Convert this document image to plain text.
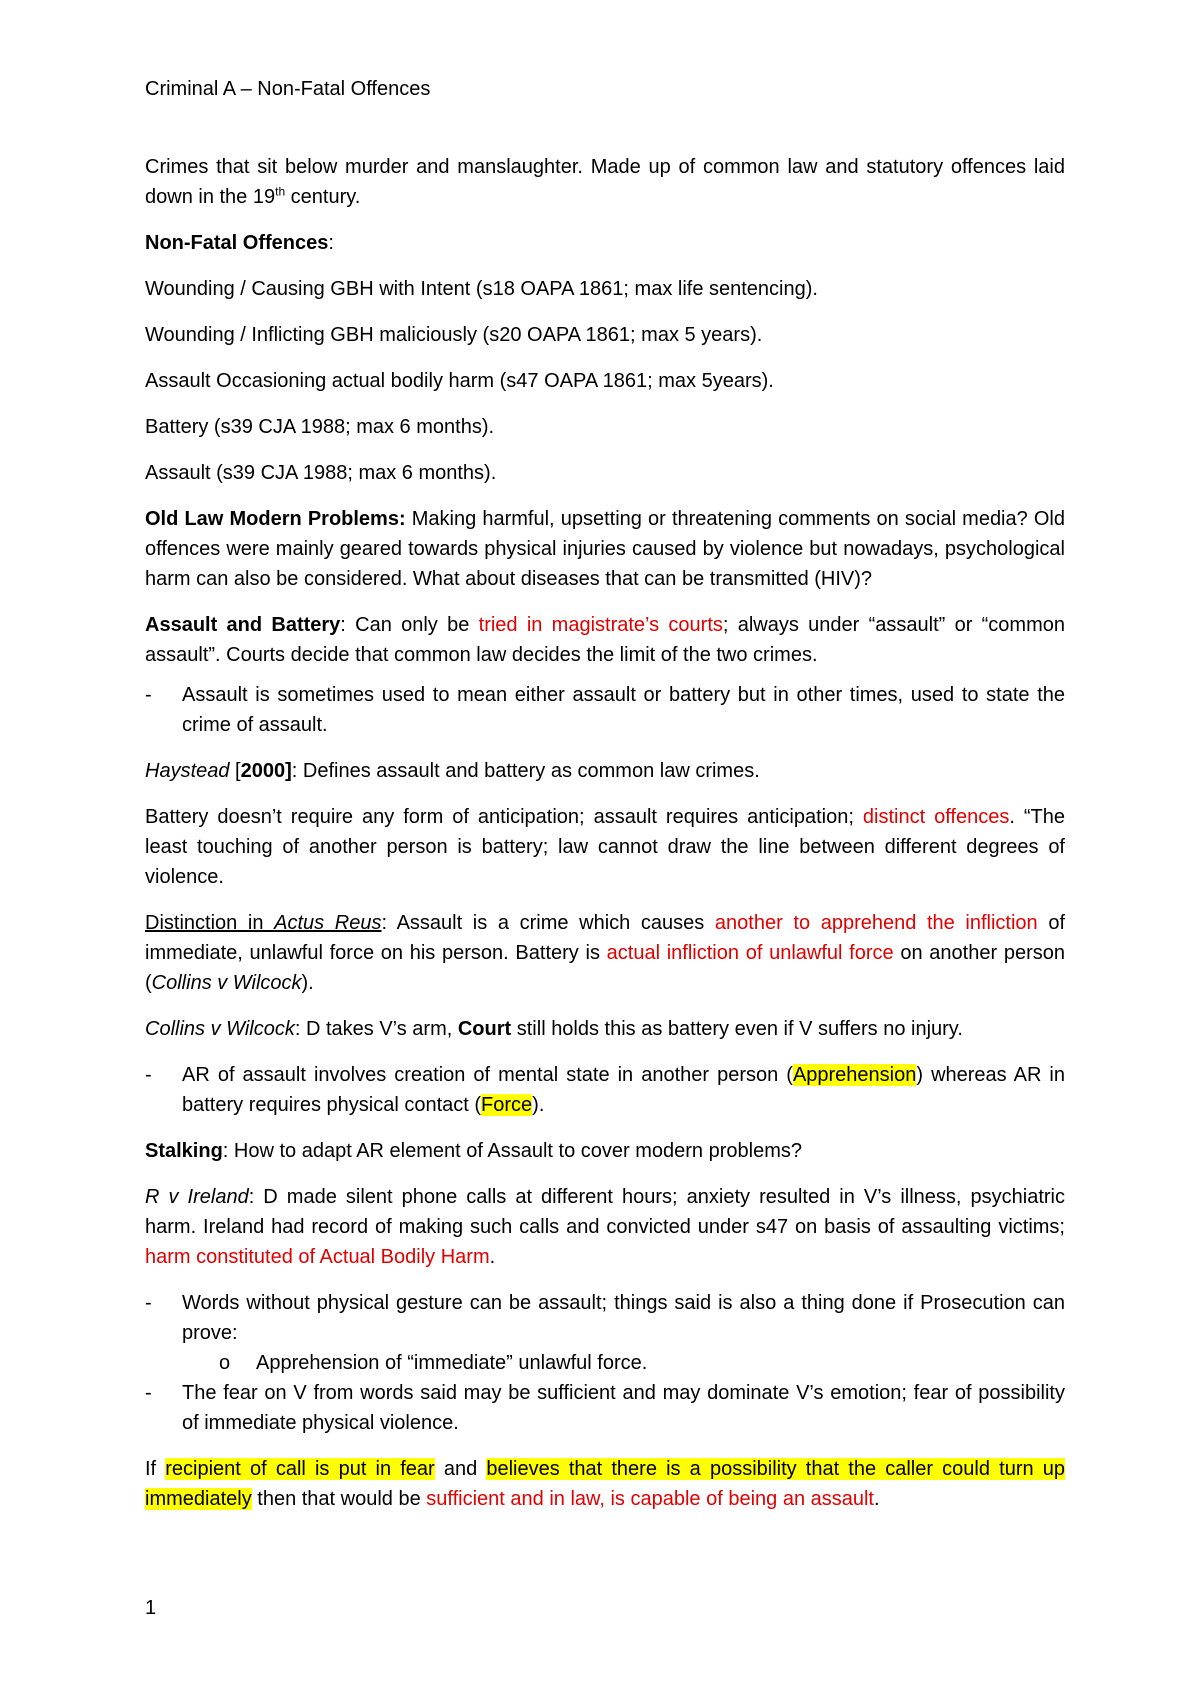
Criminal A – Non-Fatal Offences

Crimes that sit below murder and manslaughter. Made up of common law and statutory offences laid down in the 19th century.

Non-Fatal Offences:

Wounding / Causing GBH with Intent (s18 OAPA 1861; max life sentencing).

Wounding / Inflicting GBH maliciously (s20 OAPA 1861; max 5 years).

Assault Occasioning actual bodily harm (s47 OAPA 1861; max 5years).

Battery (s39 CJA 1988; max 6 months).

Assault (s39 CJA 1988; max 6 months).

Old Law Modern Problems: Making harmful, upsetting or threatening comments on social media? Old offences were mainly geared towards physical injuries caused by violence but nowadays, psychological harm can also be considered. What about diseases that can be transmitted (HIV)?

Assault and Battery: Can only be tried in magistrate’s courts; always under “assault” or “common assault”. Courts decide that common law decides the limit of the two crimes.

- Assault is sometimes used to mean either assault or battery but in other times, used to state the crime of assault.

Haystead [2000]: Defines assault and battery as common law crimes.

Battery doesn’t require any form of anticipation; assault requires anticipation; distinct offences. “The least touching of another person is battery; law cannot draw the line between different degrees of violence.

Distinction in Actus Reus: Assault is a crime which causes another to apprehend the infliction of immediate, unlawful force on his person. Battery is actual infliction of unlawful force on another person (Collins v Wilcock).

Collins v Wilcock: D takes V’s arm, Court still holds this as battery even if V suffers no injury.

- AR of assault involves creation of mental state in another person (Apprehension) whereas AR in battery requires physical contact (Force).

Stalking: How to adapt AR element of Assault to cover modern problems?

R v Ireland: D made silent phone calls at different hours; anxiety resulted in V’s illness, psychiatric harm. Ireland had record of making such calls and convicted under s47 on basis of assaulting victims; harm constituted of Actual Bodily Harm.

- Words without physical gesture can be assault; things said is also a thing done if Prosecution can prove:
o Apprehension of “immediate” unlawful force.
- The fear on V from words said may be sufficient and may dominate V’s emotion; fear of possibility of immediate physical violence.

If recipient of call is put in fear and believes that there is a possibility that the caller could turn up immediately then that would be sufficient and in law, is capable of being an assault.

1
